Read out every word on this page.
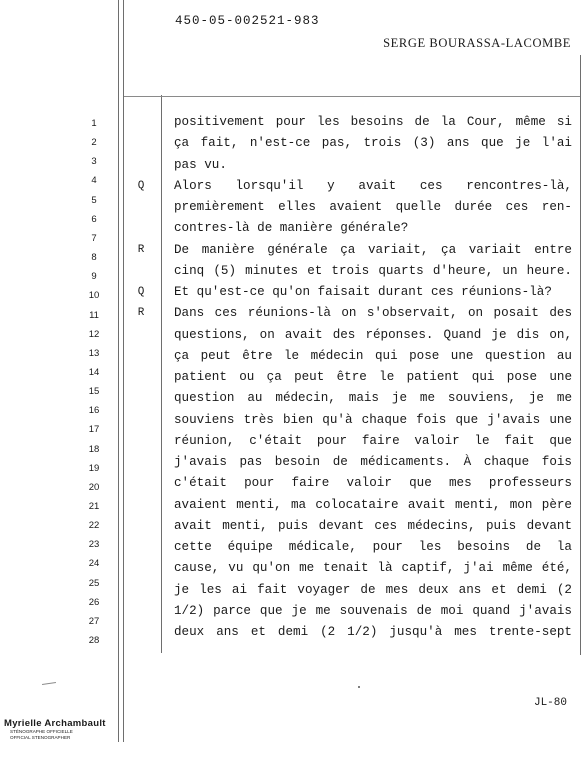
450-05-002521-983
SERGE BOURASSA-LACOMBE
1
2
3
4
5
6
7
8
9
10
11
12
13
14
15
16
17
18
19
20
21
22
23
24
25
26
27
28
positivement pour les besoins de la Cour, même si
ça fait, n'est-ce pas, trois (3) ans que je l'ai
pas vu.
Q Alors lorsqu'il y avait ces rencontres-là,
premièrement elles avaient quelle durée ces ren-
contres-là de manière générale?
R De manière générale ça variait, ça variait entre
cinq (5) minutes et trois quarts d'heure, un heure.
Q Et qu'est-ce qu'on faisait durant ces réunions-là?
R Dans ces réunions-là on s'observait, on posait des
questions, on avait des réponses. Quand je dis on,
ça peut être le médecin qui pose une question au
patient ou ça peut être le patient qui pose une
question au médecin, mais je me souviens, je me
souviens très bien qu'à chaque fois que j'avais une
réunion, c'était pour faire valoir le fait que
j'avais pas besoin de médicaments. À chaque fois
c'était pour faire valoir que mes professeurs
avaient menti, ma colocataire avait menti, mon père
avait menti, puis devant ces médecins, puis devant
cette équipe médicale, pour les besoins de la
cause, vu qu'on me tenait là captif, j'ai même été,
je les ai fait voyager de mes deux ans et demi (2
1/2) parce que je me souvenais de moi quand j'avais
deux ans et demi (2 1/2) jusqu'à mes trente-sept
JL-80
Myrielle Archambault
STÉNOGRAPHE OFFICIELLE
OFFICIAL STENOGRAPHER
